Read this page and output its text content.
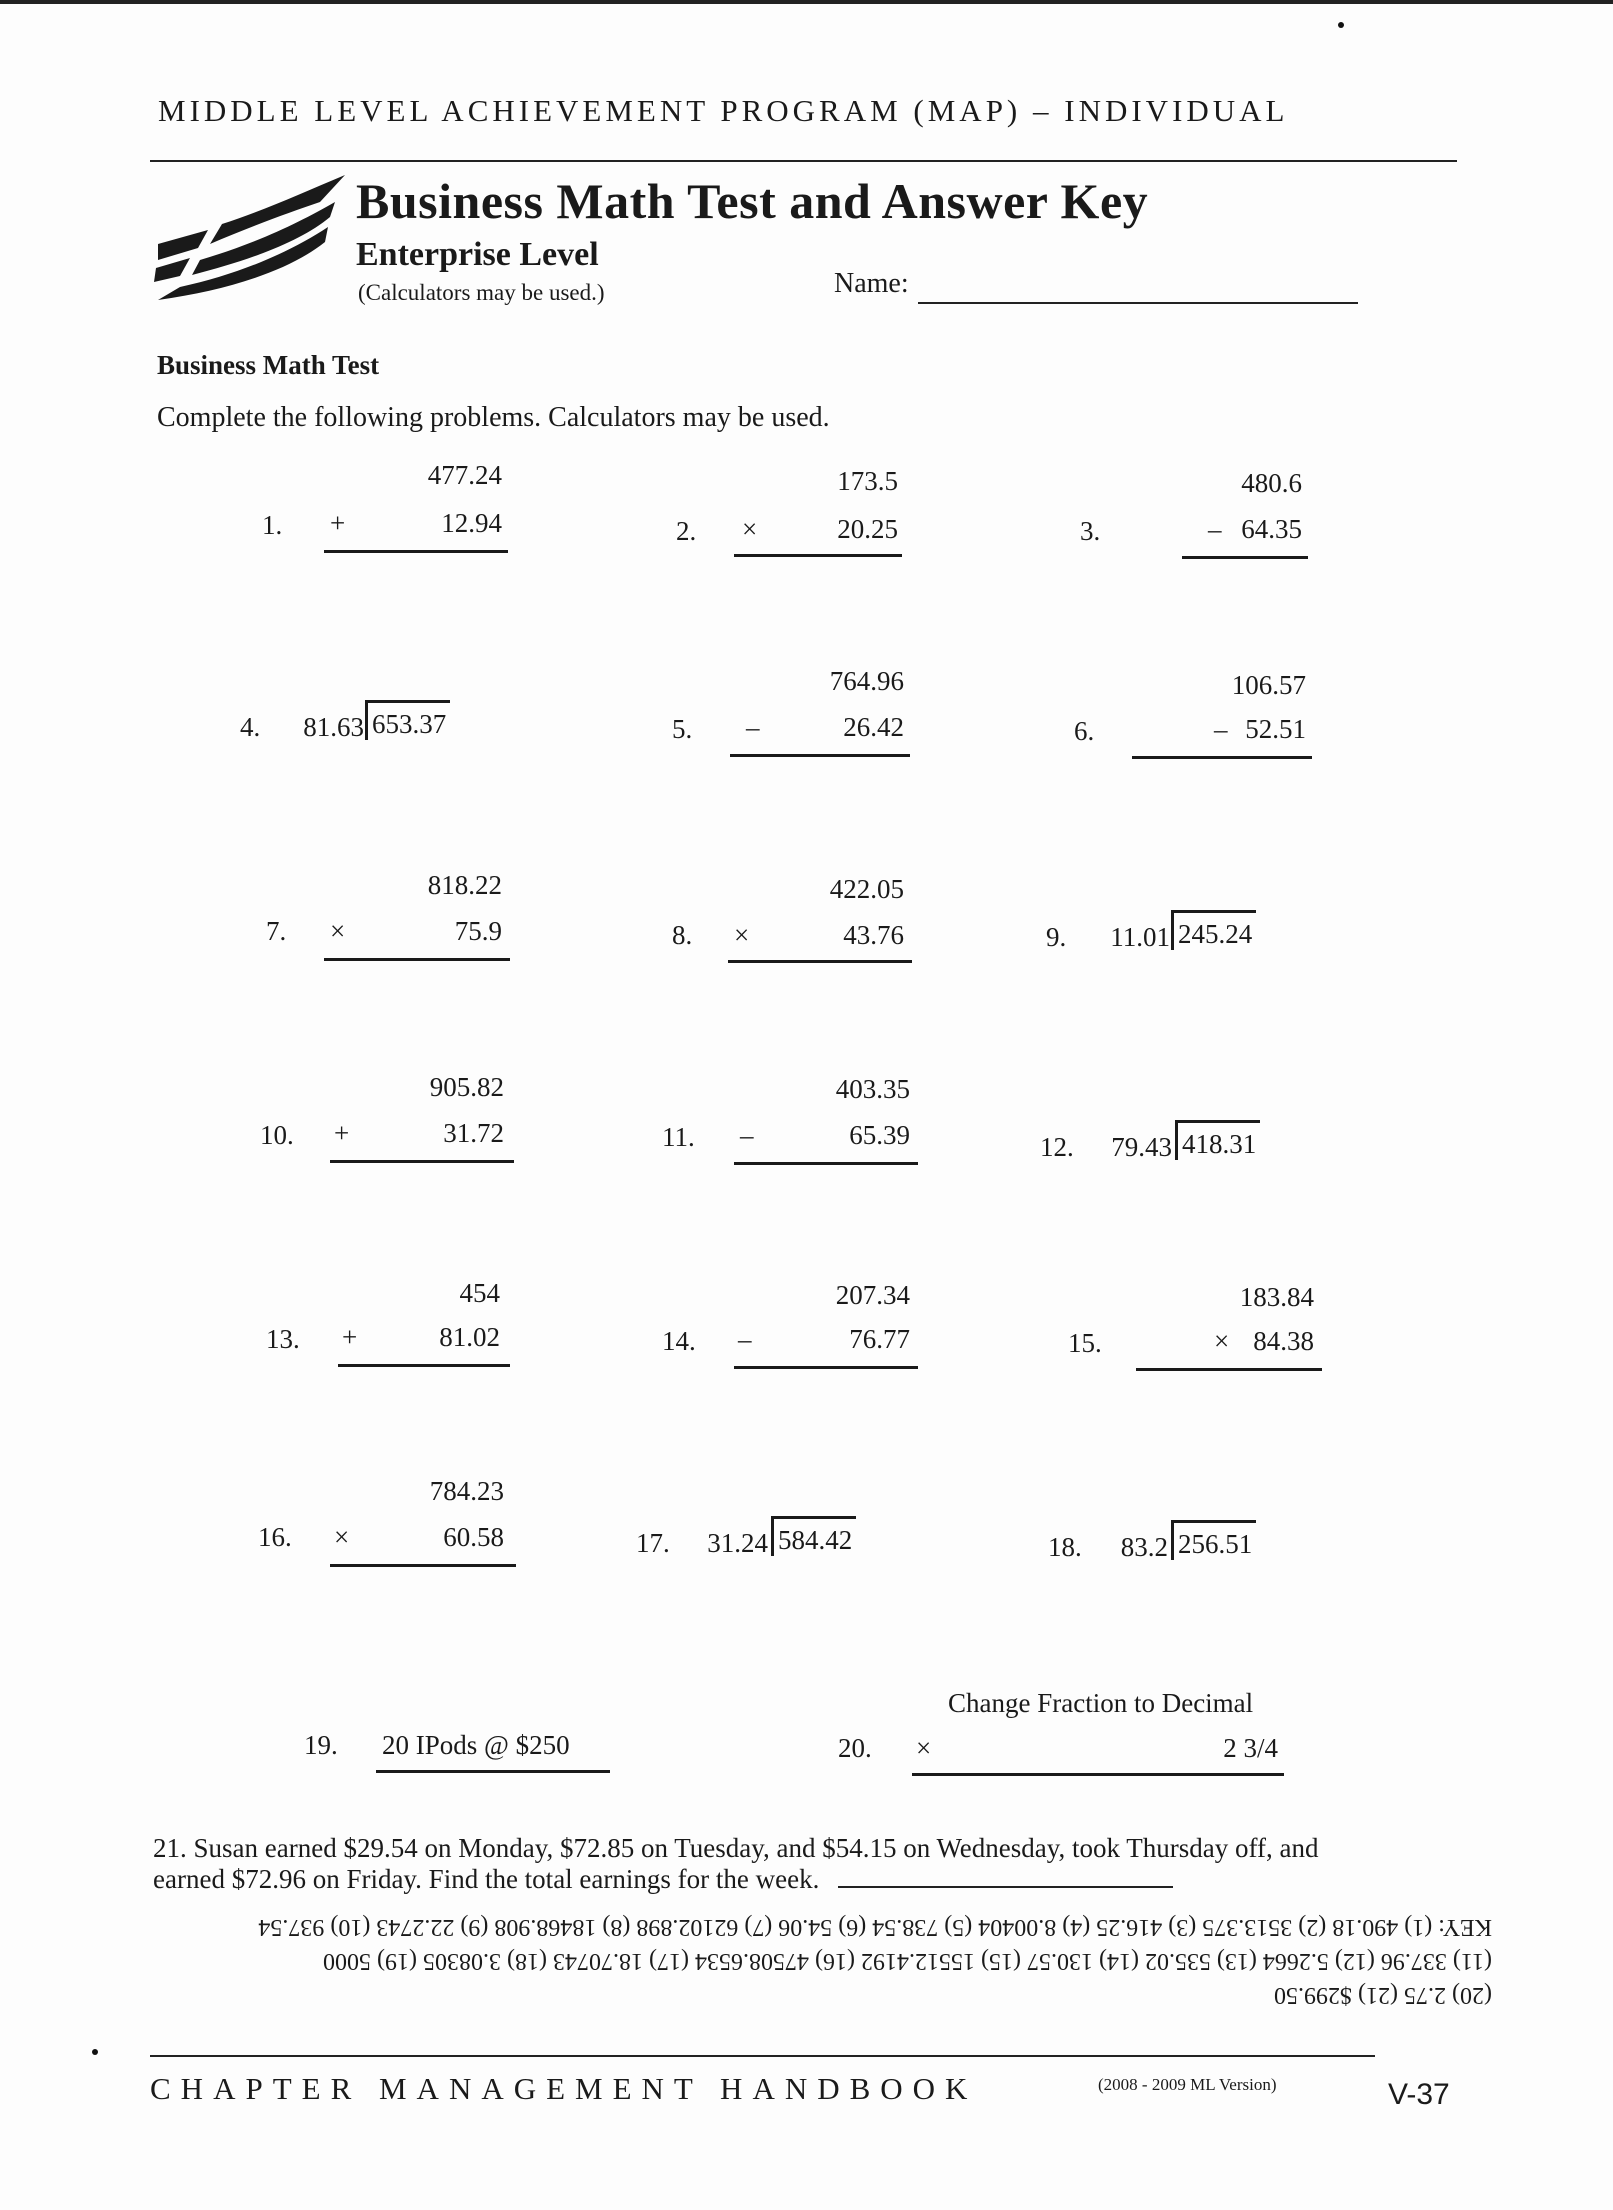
MIDDLE LEVEL ACHIEVEMENT PROGRAM (MAP) – INDIVIDUAL
Business Math Test and Answer Key
Enterprise Level
(Calculators may be used.)	Name:
Business Math Test
Complete the following problems. Calculators may be used.
1.
477.24
+	12.94	2.
173.5
×	20.25	3.
480.6
– 64.35
4.	81.63 653.37	5.
764.96
–	26.42	6.
106.57
– 52.51
7.
818.22
×	75.9	8.
422.05
×	43.76	9.	11.01 245.24
10.
905.82
+	31.72	11.
403.35
–	65.39	12.	79.43 418.31
13.
454
+	81.02	14.
207.34
–	76.77	15.
183.84
× 84.38
16.
784.23
×	60.58	17.	31.24 584.42	18.	83.2 256.51
19. 20 IPods @ $250
Change Fraction to Decimal
20. ×	2 3/4
21. Susan earned $29.54 on Monday, $72.85 on Tuesday, and $54.15 on Wednesday, took Thursday off, and earned $72.96 on Friday. Find the total earnings for the week.
(20) 2.75 (21) $299.50
(11) 337.96 (12) 5.2664 (13) 535.02 (14) 130.57 (15) 15512.4192 (16) 47508.6534 (17) 18.70743 (18) 3.08305 (19) 5000
KEY: (1) 490.18 (2) 3513.375 (3) 416.25 (4) 8.00404 (5) 738.54 (6) 54.06 (7) 62102.898 (8) 18468.908 (9) 22.2743 (10) 937.54
CHAPTER MANAGEMENT HANDBOOK	(2008 - 2009 ML Version)	V-37
